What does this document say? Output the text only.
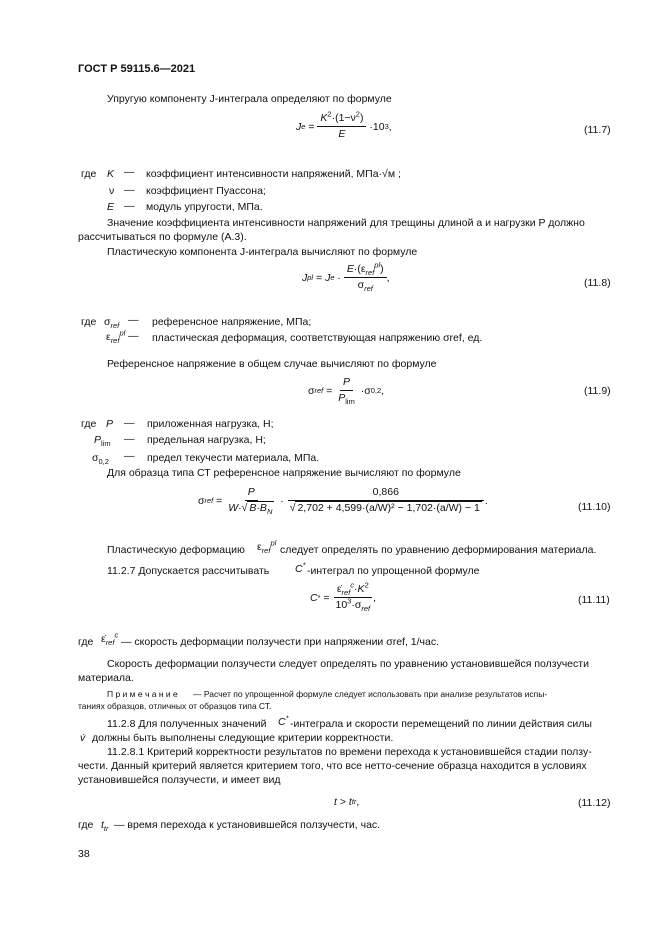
ГОСТ Р 59115.6—2021
Упругую компоненту J-интеграла определяют по формуле
J $e = \frac{K^2\cdot(1-\nu^2)}{E} \cdot 10$ 3 ,	(11.7)
где K — коэффициент интенсивности напряжений, МПа·√м ;
ν — коэффициент Пуассона;
E — модуль упругости, МПа.
Значение коэффициента интенсивности напряжений для трещины длиной a и нагрузки P должно
рассчитываться по формуле (А.3).
Пластическую компонента J-интеграла вычисляют по формуле
J pl = J $e \cdot \frac{E\cdot(\varepsilon_{ref}^{pl})}{\sigma_{ref}}$ ,	(11.8)
где $\sigma_{ref}$ — референсное напряжение, МПа;
$\varepsilon_{ref}^{pl}$ — пластическая деформация, соответствующая напряжению σref, ед.
Референсное напряжение в общем случае вычисляют по формуле
σ ref = $\frac{P}{P_{lim}} \cdot\sigma$ 0,2 ,	(11.9)
где P — приложенная нагрузка, Н;
$P_{lim}$ — предельная нагрузка, Н;
$\sigma_{0,2}$ — предел текучести материала, МПа.
Для образца типа СТ референсное напряжение вычисляют по формуле
σ ref = $\frac{P}{W\cdot√ B\cdot B_N} \cdot \frac{0,866}{\text{√ 2,702 + 4,599·(a/W)² − 1,702·(a/W) − 1}}$ .
(11.10)
Пластическую деформацию $\varepsilon_{ref}^{pl}$
следует определять по уравнению деформирования материала.
11.2.7 Допускается рассчитывать C* -интеграл по упрощенной формуле
C * = $\frac{\varepsiloṅ_{ref}^c\cdot K^2}{10^3\cdot\sigma_{ref}}$ ,	(11.11)
где $\varepsiloṅ_{ref}^c$
— скорость деформации ползучести при напряжении σref, 1/час.
Скорость деформации ползучести следует определять по уравнению установившейся ползучести
материала.
П р и м е ч а н и е — Расчет по упрощенной формуле следует использовать при анализе результатов испы-
таниях образцов, отличных от образцов типа СТ.
11.2.8 Для полученных значений C* -интеграла и скорости перемещений по линии действия силы
v̇ должны быть выполнены следующие критерии корректности.
11.2.8.1 Критерий корректности результатов по времени перехода к установившейся стадии ползу-
чести. Данный критерий является критерием того, что все нетто-сечение образца находится в условиях
установившейся ползучести, и имеет вид
t > t tr ,	(11.12)
где $t_{tr}$ — время перехода к установившейся ползучести, час.
38
